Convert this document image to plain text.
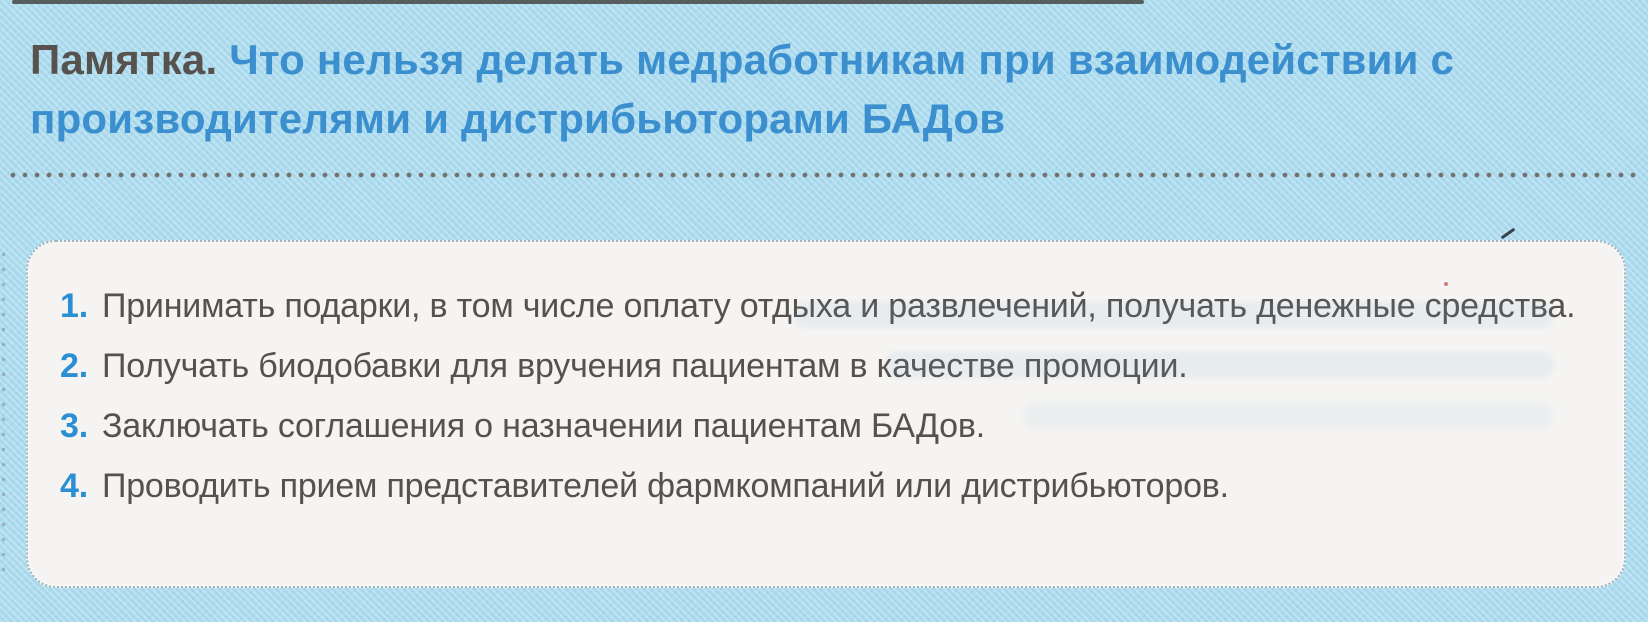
Памятка. Что нельзя делать медработникам при взаимодействии с производителями и дистрибьюторами БАДов
1. Принимать подарки, в том числе оплату отдыха и развлечений, получать денежные средства.
2. Получать биодобавки для вручения пациентам в качестве промоции.
3. Заключать соглашения о назначении пациентам БАДов.
4. Проводить прием представителей фармкомпаний или дистрибьюторов.
